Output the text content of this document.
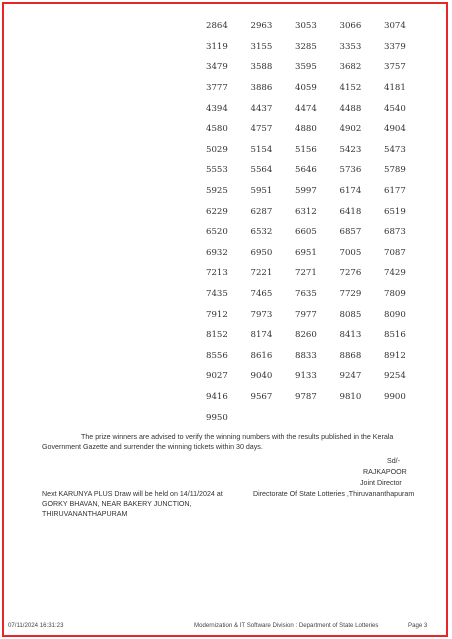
2864	2963	3053	3066	3074
3119	3155	3285	3353	3379
3479	3588	3595	3682	3757
3777	3886	4059	4152	4181
4394	4437	4474	4488	4540
4580	4757	4880	4902	4904
5029	5154	5156	5423	5473
5553	5564	5646	5736	5789
5925	5951	5997	6174	6177
6229	6287	6312	6418	6519
6520	6532	6605	6857	6873
6932	6950	6951	7005	7087
7213	7221	7271	7276	7429
7435	7465	7635	7729	7809
7912	7973	7977	8085	8090
8152	8174	8260	8413	8516
8556	8616	8833	8868	8912
9027	9040	9133	9247	9254
9416	9567	9787	9810	9900
9950
The prize winners are advised to verify the winning numbers with the results published in the Kerala
Government Gazette and surrender the winning tickets within 30 days.
Sd/-
RAJKAPOOR
Joint Director
Directorate Of State Lotteries ,Thiruvananthapuram
Next KARUNYA PLUS Draw will be held on 14/11/2024 at
GORKY BHAVAN, NEAR BAKERY JUNCTION,
THIRUVANANTHAPURAM
07/11/2024 16:31:23	Modernization & IT Software Division : Department of State Lotteries	Page 3
